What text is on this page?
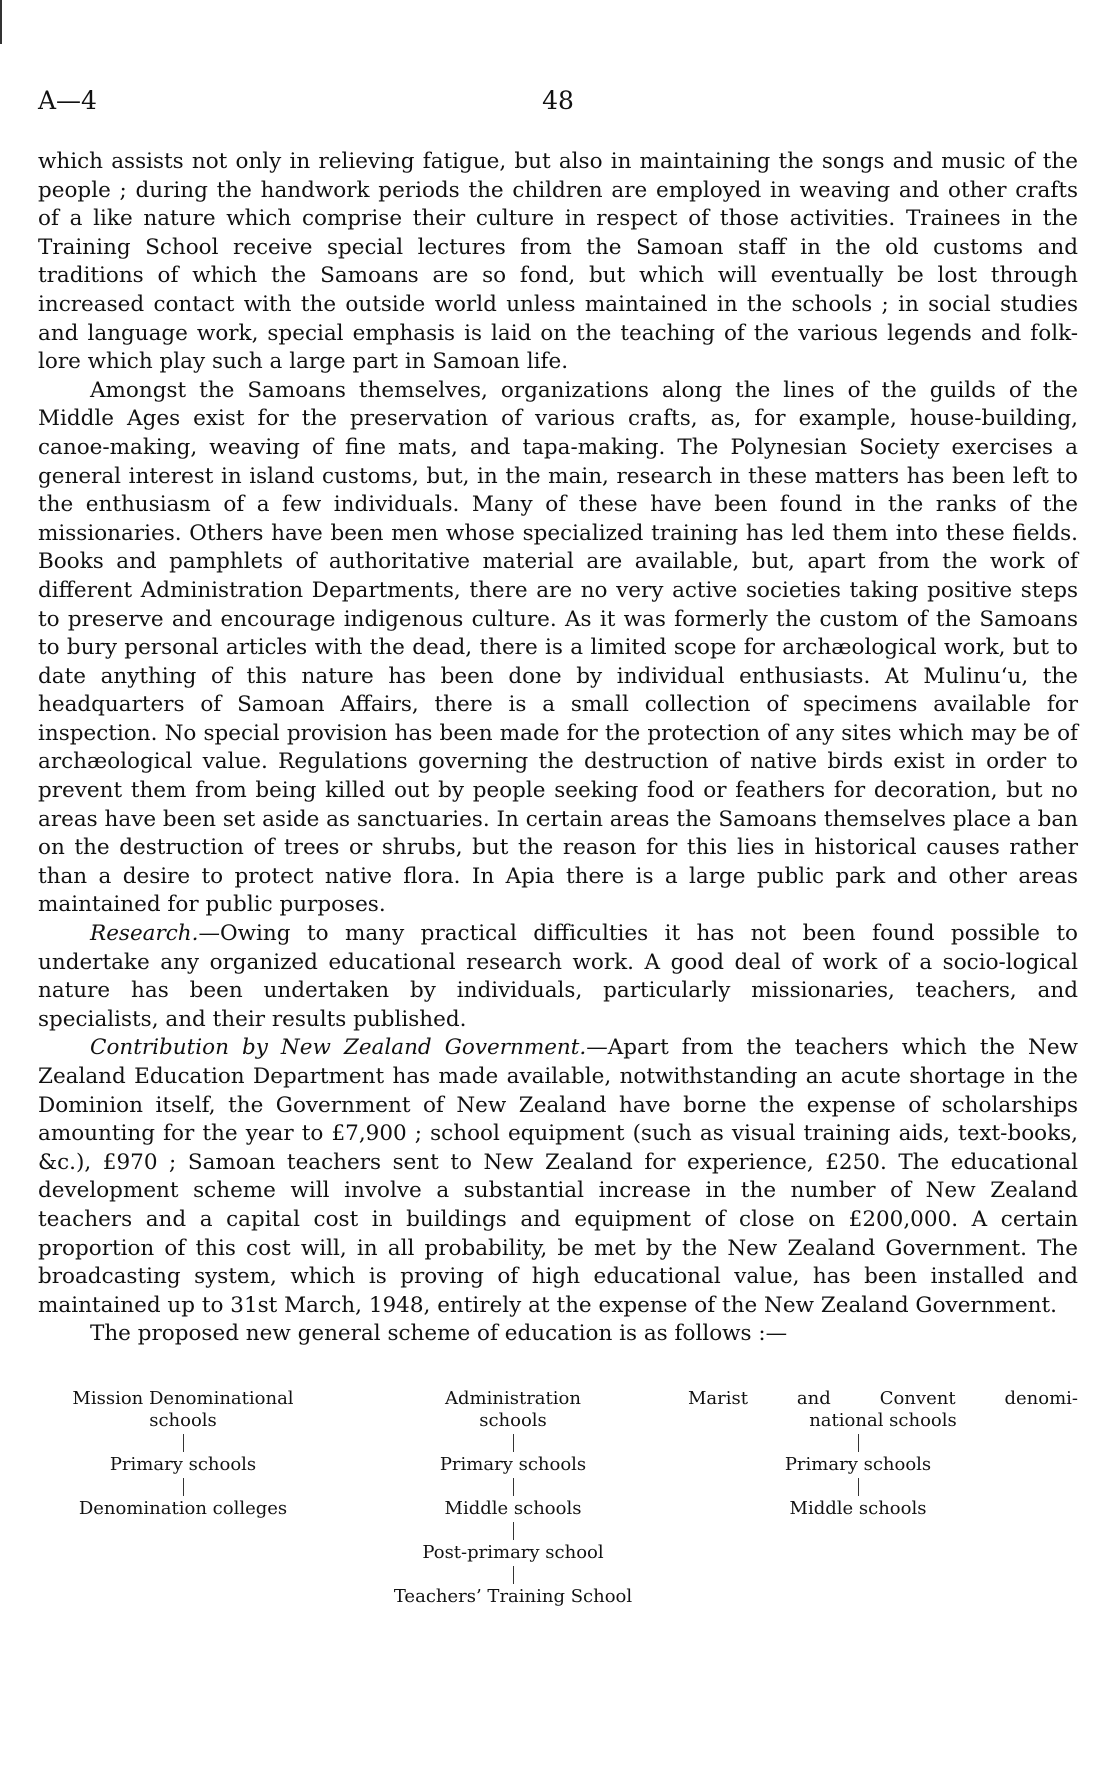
A—4	48

which assists not only in relieving fatigue, but also in maintaining the songs and music of the people ; during the handwork periods the children are employed in weaving and other crafts of a like nature which comprise their culture in respect of those activities. Trainees in the Training School receive special lectures from the Samoan staff in the old customs and traditions of which the Samoans are so fond, but which will eventually be lost through increased contact with the outside world unless maintained in the schools ; in social studies and language work, special emphasis is laid on the teaching of the various legends and folk-lore which play such a large part in Samoan life.

Amongst the Samoans themselves, organizations along the lines of the guilds of the Middle Ages exist for the preservation of various crafts, as, for example, house-building, canoe-making, weaving of fine mats, and tapa-making. The Polynesian Society exercises a general interest in island customs, but, in the main, research in these matters has been left to the enthusiasm of a few individuals. Many of these have been found in the ranks of the missionaries. Others have been men whose specialized training has led them into these fields. Books and pamphlets of authoritative material are available, but, apart from the work of different Administration Departments, there are no very active societies taking positive steps to preserve and encourage indigenous culture. As it was formerly the custom of the Samoans to bury personal articles with the dead, there is a limited scope for archæological work, but to date anything of this nature has been done by individual enthusiasts. At Mulinu‘u, the headquarters of Samoan Affairs, there is a small collection of specimens available for inspection. No special provision has been made for the protection of any sites which may be of archæological value. Regulations governing the destruction of native birds exist in order to prevent them from being killed out by people seeking food or feathers for decoration, but no areas have been set aside as sanctuaries. In certain areas the Samoans themselves place a ban on the destruction of trees or shrubs, but the reason for this lies in historical causes rather than a desire to protect native flora. In Apia there is a large public park and other areas maintained for public purposes.

Research.—Owing to many practical difficulties it has not been found possible to undertake any organized educational research work. A good deal of work of a socio-logical nature has been undertaken by individuals, particularly missionaries, teachers, and specialists, and their results published.

Contribution by New Zealand Government.—Apart from the teachers which the New Zealand Education Department has made available, notwithstanding an acute shortage in the Dominion itself, the Government of New Zealand have borne the expense of scholarships amounting for the year to £7,900 ; school equipment (such as visual training aids, text-books, &c.), £970 ; Samoan teachers sent to New Zealand for experience, £250. The educational development scheme will involve a substantial increase in the number of New Zealand teachers and a capital cost in buildings and equipment of close on £200,000. A certain proportion of this cost will, in all probability, be met by the New Zealand Government. The broadcasting system, which is proving of high educational value, has been installed and maintained up to 31st March, 1948, entirely at the expense of the New Zealand Government.

The proposed new general scheme of education is as follows :—
Mission Denominational
schools
Primary schools
Denomination colleges
Administration
schools
Primary schools
Middle schools
Post-primary school
Teachers’ Training School
Marist and Convent denomi-
national schools
Primary schools
Middle schools
